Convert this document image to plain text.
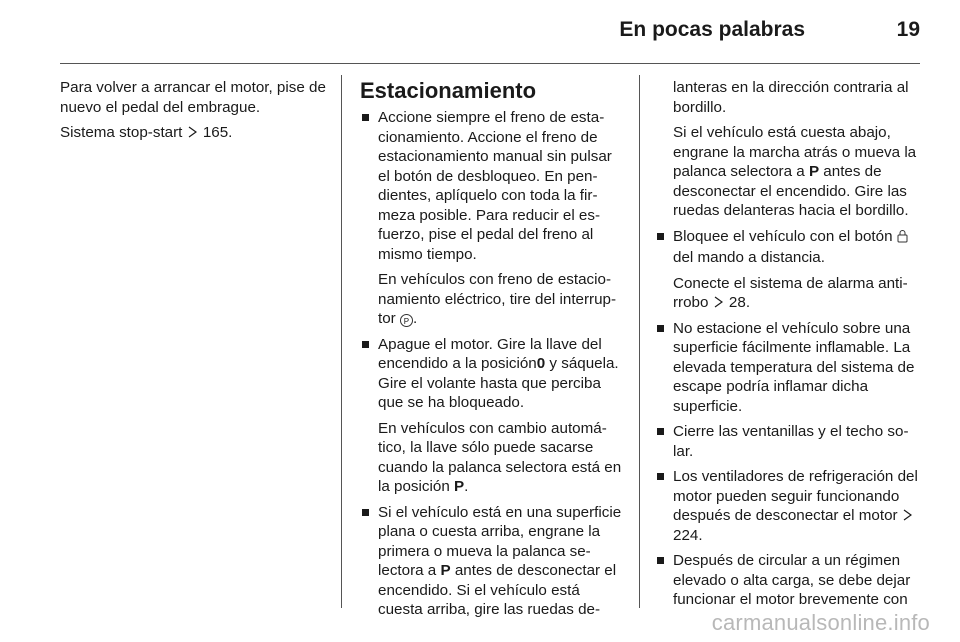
En pocas palabras	19

Para volver a arrancar el motor, pise de nuevo el pedal del embrague.

Sistema stop-start  165.

Estacionamiento

Accione siempre el freno de estacionamiento. Accione el freno de estacionamiento manual sin pulsar el botón de desbloqueo. En pendientes, aplíquelo con toda la firmeza posible. Para reducir el esfuerzo, pise el pedal del freno al mismo tiempo.

En vehículos con freno de estacionamiento eléctrico, tire del interruptor P .

Apague el motor. Gire la llave del encendido a la posición0 y sáquela. Gire el volante hasta que perciba que se ha bloqueado.

En vehículos con cambio automático, la llave sólo puede sacarse cuando la palanca selectora está en la posición P.

Si el vehículo está en una superficie plana o cuesta arriba, engrane la primera o mueva la palanca selectora a P antes de desconectar el encendido. Si el vehículo está cuesta arriba, gire las ruedas de-

lanteras en la dirección contraria al bordillo.

Si el vehículo está cuesta abajo, engrane la marcha atrás o mueva la palanca selectora a P antes de desconectar el encendido. Gire las ruedas delanteras hacia el bordillo.

Bloquee el vehículo con el botón
del mando a distancia.

Conecte el sistema de alarma antirrobo  28.

No estacione el vehículo sobre una superficie fácilmente inflamable. La elevada temperatura del sistema de escape podría inflamar dicha superficie.

Cierre las ventanillas y el techo solar.

Los ventiladores de refrigeración del motor pueden seguir funcionando después de desconectar el motor  224.

Después de circular a un régimen elevado o alta carga, se debe dejar funcionar el motor brevemente con

carmanualsonline.info
